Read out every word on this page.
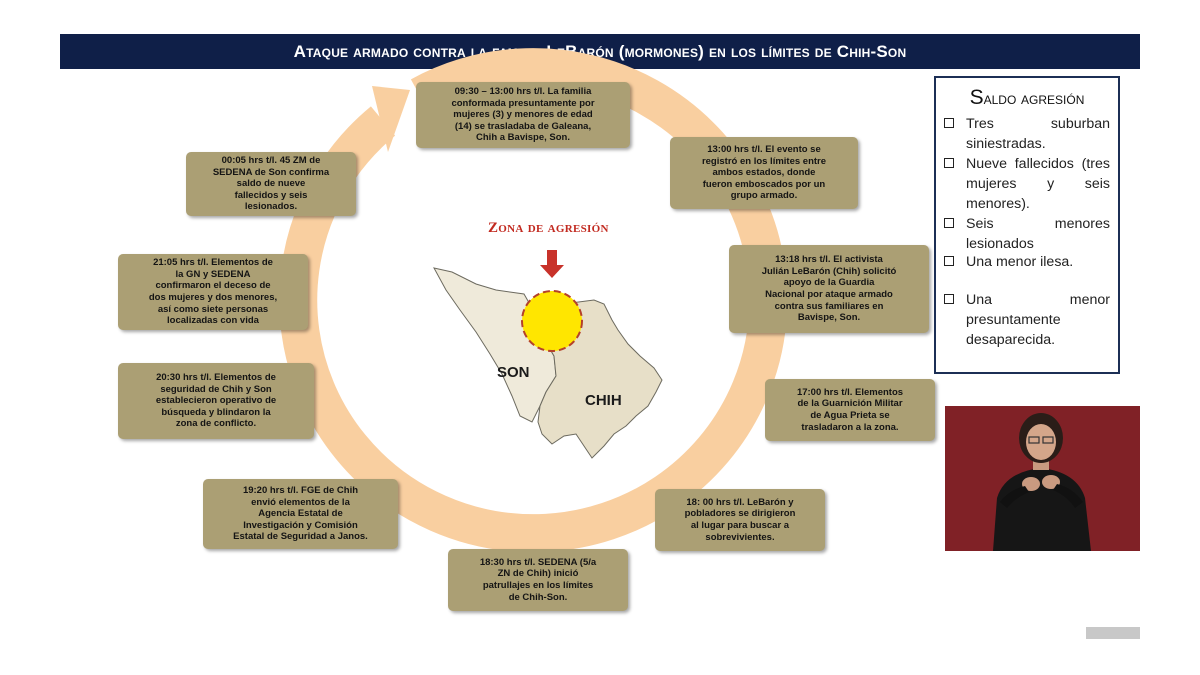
Ataque armado contra la familia LeBarón (mormones) en los límites de Chih-Son
09:30 – 13:00 hrs t/l. La familia
conformada presuntamente por
mujeres (3) y menores de edad
(14) se trasladaba de Galeana,
Chih a Bavispe, Son.
13:00 hrs t/l. El evento se
registró en los límites entre
ambos estados, donde
fueron emboscados por un
grupo armado.
13:18 hrs t/l. El activista
Julián LeBarón (Chih) solicitó
apoyo de la Guardia
Nacional por ataque armado
contra sus familiares en
Bavispe, Son.
17:00 hrs t/l. Elementos
de la Guarnición Militar
de Agua Prieta se
trasladaron a la zona.
18: 00 hrs t/l. LeBarón y
pobladores se dirigieron
al lugar para buscar a
sobrevivientes.
18:30 hrs t/l. SEDENA (5/a
ZN de Chih) inició
patrullajes en los límites
de Chih-Son.
19:20 hrs t/l. FGE de Chih
envió elementos de la
Agencia Estatal de
Investigación y Comisión
Estatal de Seguridad a Janos.
20:30 hrs t/l. Elementos de
seguridad de Chih y Son
establecieron operativo de
búsqueda y blindaron la
zona de conflicto.
21:05 hrs t/l. Elementos de
la GN y SEDENA
confirmaron el deceso de
dos mujeres y dos menores,
así como siete personas
localizadas con vida
00:05 hrs t/l. 45 ZM de
SEDENA de Son confirma
saldo de nueve
fallecidos y seis
lesionados.
Zona de agresión
SON
CHIH
Saldo agresión
Tres suburban siniestradas.
Nueve fallecidos (tres mujeres y seis menores).
Seis menores lesionados
Una menor ilesa.
Una menor presuntamente desaparecida.
